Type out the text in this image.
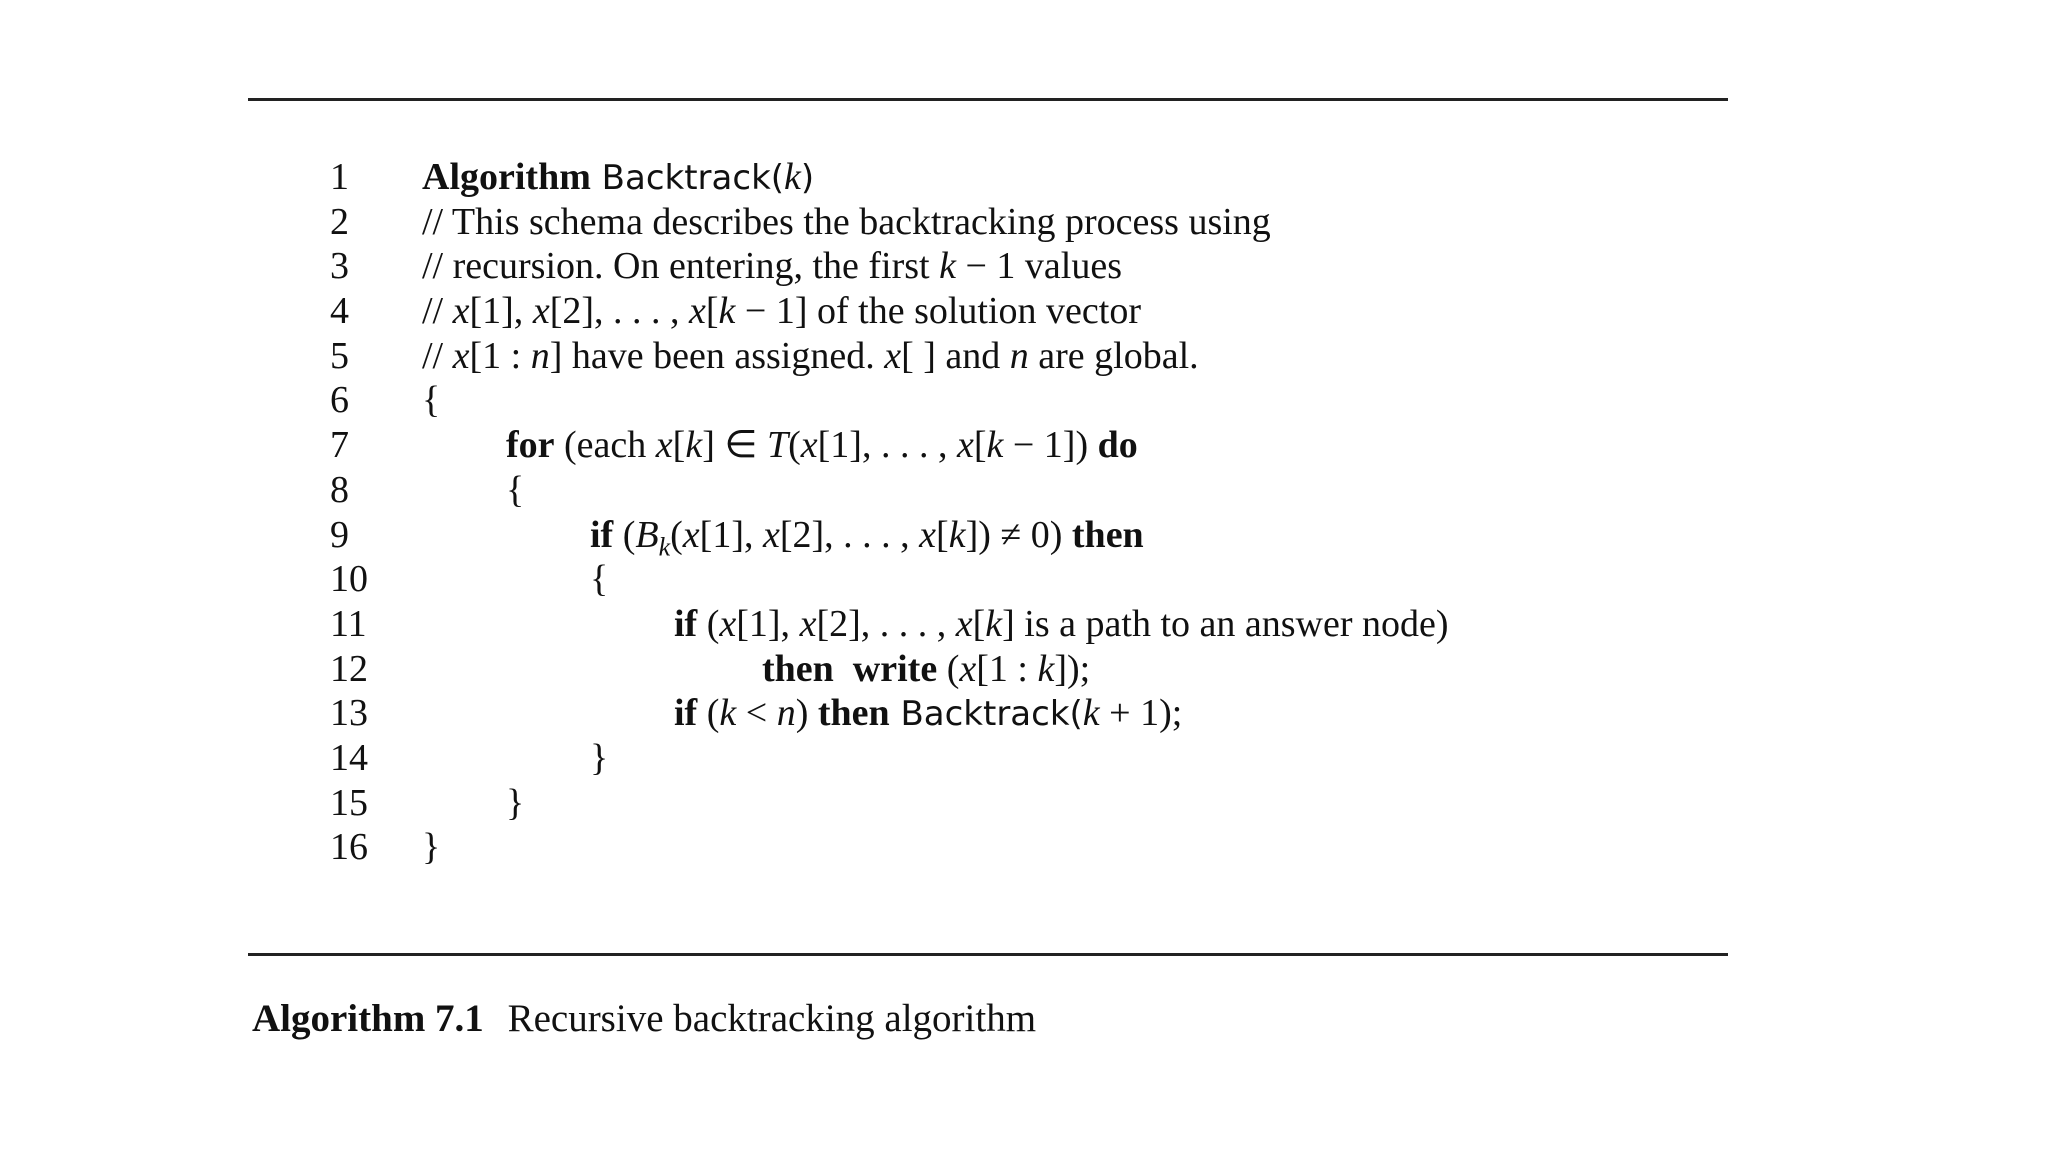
1	Algorithm Backtrack(k)
2	// This schema describes the backtracking process using
3	// recursion. On entering, the first k − 1 values
4	// x[1], x[2], . . . , x[k − 1] of the solution vector
5	// x[1 : n] have been assigned. x[ ] and n are global.
6	{
7	for (each x[k] ∈ T(x[1], . . . , x[k − 1]) do
8	{
9	if ($B_k(x[1]$, x[2], . . . , x[k]) ≠ 0) then
10	{
11	if (x[1], x[2], . . . , x[k] is a path to an answer node)
12	then write (x[1 : k]);
13	if (k < n) then Backtrack(k + 1);
14	}
15	}
16	}
Algorithm 7.1 Recursive backtracking algorithm
